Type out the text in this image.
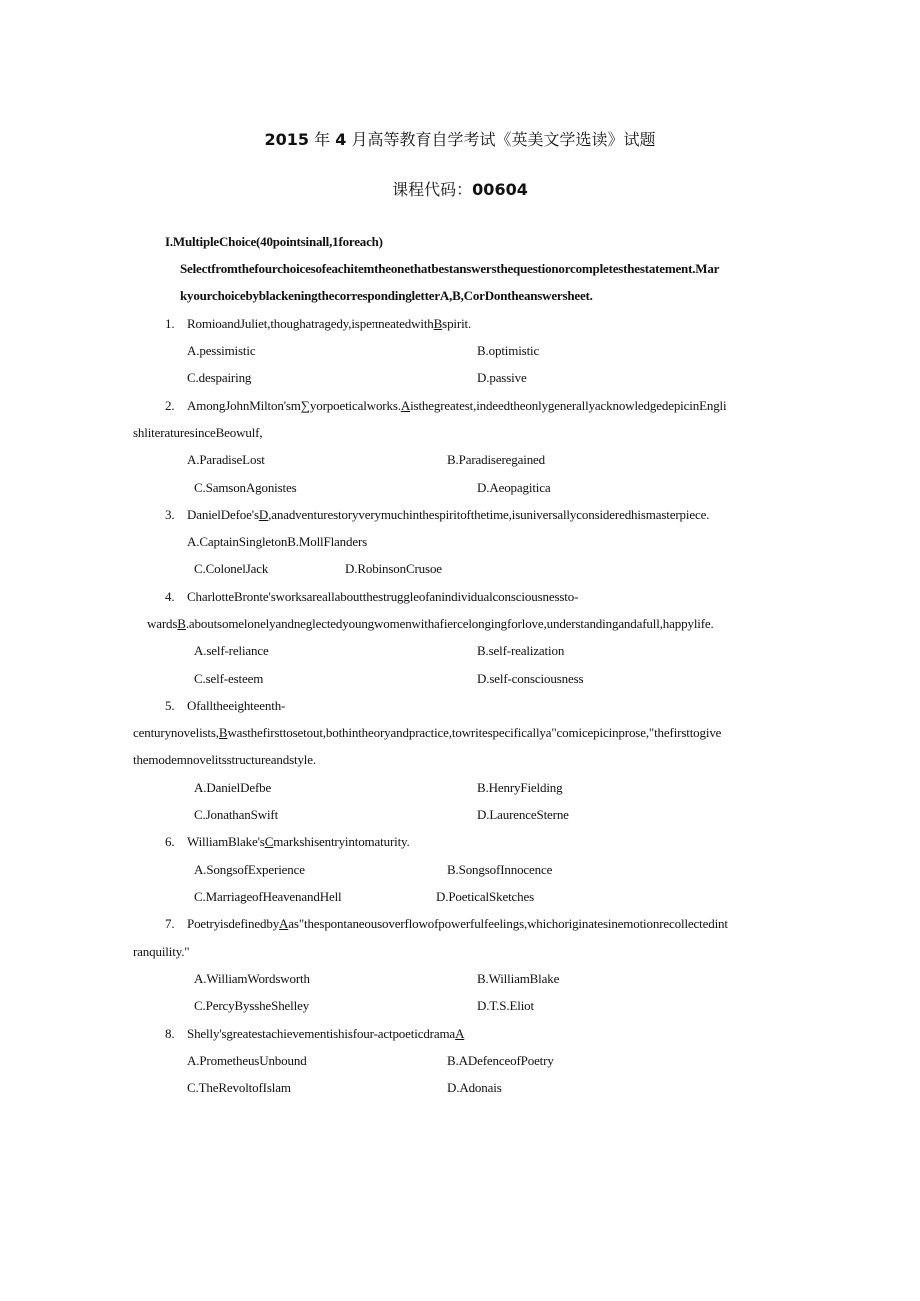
2015 年 4 月高等教育自学考试《英美文学选读》试题
课程代码：00604
I.MultipleChoice(40pointsinall,1foreach)
Selectfromthefourchoicesofeachitemtheonethatbestanswersthequestionorcompletesthestatement.Mar
kyourchoicebyblackeningthecorrespondingletterA,B,CorDontheanswersheet.
1. RomioandJuliet,thoughatragedy,ispeπneatedwithBspirit.
A.pessimistic	B.optimistic
C.despairing	D.passive
2. AmongJohnMilton'sm∑yorpoeticalworks.Aisthegreatest,indeedtheonlygenerallyacknowledgedepicinEngli
shliteraturesinceBeowulf,
A.ParadiseLost	B.Paradiseregained
C.SamsonAgonistes	D.Aeopagitica
3. DanielDefoe'sD,anadventurestoryverymuchinthespiritofthetime,isuniversallyconsideredhismasterpiece.
A.CaptainSingletonB.MollFlanders
C.ColonelJack	D.RobinsonCrusoe
4. CharlotteBronte'sworksareallaboutthestruggleofanindividualconsciousnessto-
wardsB.aboutsomelonelyandneglectedyoungwomenwithafiercelongingforlove,understandingandafull,happylife.
A.self-reliance	B.self-realization
C.self-esteem	D.self-consciousness
5. Ofalltheeighteenth-
centurynovelists,Bwasthefirsttosetout,bothintheoryandpractice,towritespecificallya"comicepicinprose,"thefirsttogive
themodemnovelitsstructureandstyle.
A.DanielDefbe	B.HenryFielding
C.JonathanSwift	D.LaurenceSterne
6. WilliamBlake'sCmarkshisentryintomaturity.
A.SongsofExperience	B.SongsofInnocence
C.MarriageofHeavenandHell	D.PoeticalSketches
7. PoetryisdefinedbyAas"thespontaneousoverflowofpowerfulfeelings,whichoriginatesinemotionrecollectedint
ranquility."
A.WilliamWordsworth	B.WilliamBlake
C.PercyBysshеShelley	D.T.S.Eliot
8. Shelly'sgreatestachievementishisfour-actpoeticdramaA
A.PrometheusUnbound	B.ADefenceofPoetry
C.TheRevoltofIslam	D.Adonais
